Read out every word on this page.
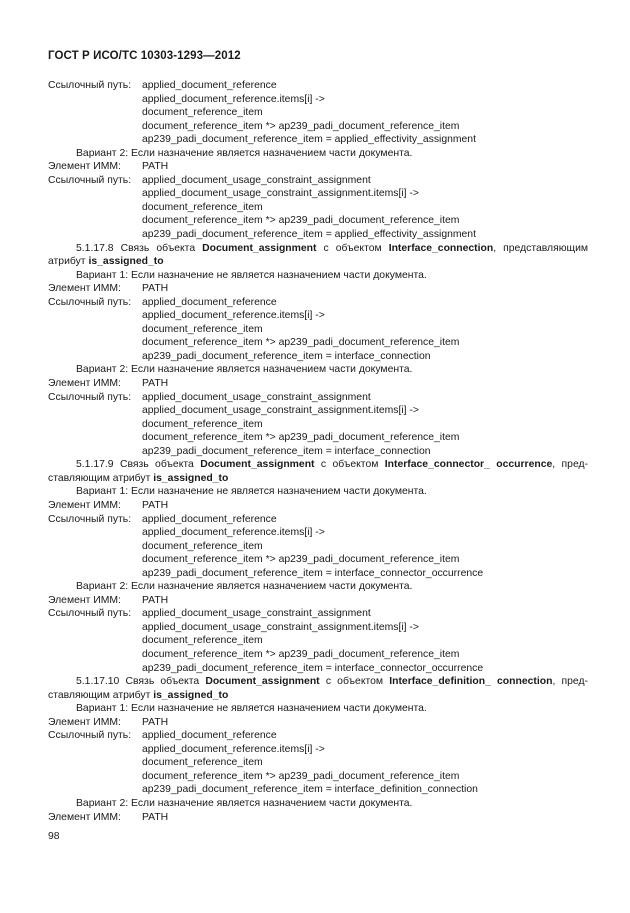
ГОСТ Р ИСО/ТС 10303-1293—2012
Ссылочный путь: applied_document_reference
applied_document_reference.items[i] ->
document_reference_item
document_reference_item *> ap239_padi_document_reference_item
ap239_padi_document_reference_item = applied_effectivity_assignment
Вариант 2: Если назначение является назначением части документа.
Элемент ИММ: PATH
Ссылочный путь: applied_document_usage_constraint_assignment
applied_document_usage_constraint_assignment.items[i] ->
document_reference_item
document_reference_item *> ap239_padi_document_reference_item
ap239_padi_document_reference_item = applied_effectivity_assignment
5.1.17.8 Связь объекта Document_assignment с объектом Interface_connection, представляющим атрибут is_assigned_to
Вариант 1: Если назначение не является назначением части документа.
Элемент ИММ: PATH
Ссылочный путь: applied_document_reference
applied_document_reference.items[i] ->
document_reference_item
document_reference_item *> ap239_padi_document_reference_item
ap239_padi_document_reference_item = interface_connection
Вариант 2: Если назначение является назначением части документа.
Элемент ИММ: PATH
Ссылочный путь: applied_document_usage_constraint_assignment
applied_document_usage_constraint_assignment.items[i] ->
document_reference_item
document_reference_item *> ap239_padi_document_reference_item
ap239_padi_document_reference_item = interface_connection
5.1.17.9 Связь объекта Document_assignment с объектом Interface_connector_ occurrence, пред-ставляющим атрибут is_assigned_to
Вариант 1: Если назначение не является назначением части документа.
Элемент ИММ: PATH
Ссылочный путь: applied_document_reference
applied_document_reference.items[i] ->
document_reference_item
document_reference_item *> ap239_padi_document_reference_item
ap239_padi_document_reference_item = interface_connector_occurrence
Вариант 2: Если назначение является назначением части документа.
Элемент ИММ: PATH
Ссылочный путь: applied_document_usage_constraint_assignment
applied_document_usage_constraint_assignment.items[i] ->
document_reference_item
document_reference_item *> ap239_padi_document_reference_item
ap239_padi_document_reference_item = interface_connector_occurrence
5.1.17.10 Связь объекта Document_assignment с объектом Interface_definition_ connection, пред-ставляющим атрибут is_assigned_to
Вариант 1: Если назначение не является назначением части документа.
Элемент ИММ: PATH
Ссылочный путь: applied_document_reference
applied_document_reference.items[i] ->
document_reference_item
document_reference_item *> ap239_padi_document_reference_item
ap239_padi_document_reference_item = interface_definition_connection
Вариант 2: Если назначение является назначением части документа.
Элемент ИММ: PATH
98
